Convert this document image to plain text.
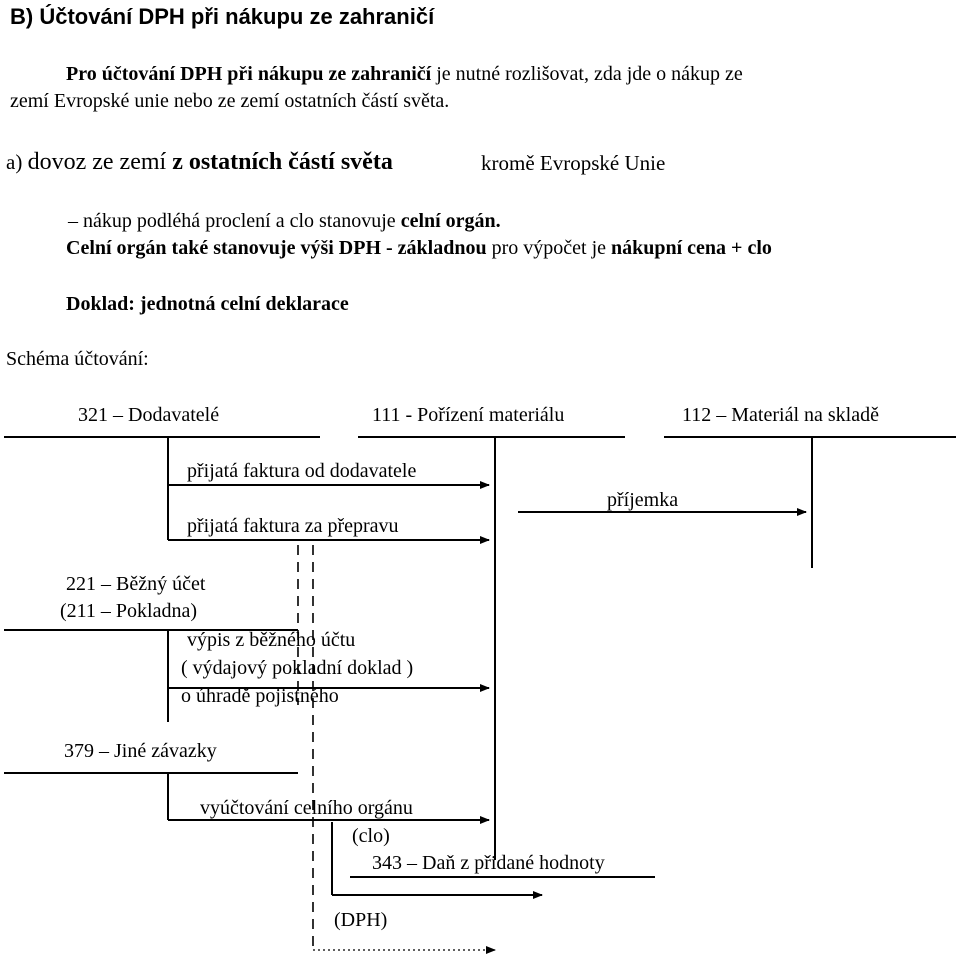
B) Účtování DPH při nákupu ze zahraničí
Pro účtování DPH při nákupu ze zahraničí je nutné rozlišovat, zda jde o nákup ze
zemí Evropské unie nebo ze zemí ostatních částí světa.
a) dovoz ze zemí z ostatních částí světa	kromě Evropské Unie
– nákup podléhá proclení a clo stanovuje celní orgán.
Celní orgán také stanovuje výši DPH - základnou pro výpočet je nákupní cena + clo
Doklad: jednotná celní deklarace
Schéma účtování:
321 – Dodavatelé	111 - Pořízení materiálu	112 – Materiál na skladě
221 – Běžný účet
(211 – Pokladna)
379 – Jiné závazky
343 – Daň z přidané hodnoty
přijatá faktura od dodavatele
příjemka
přijatá faktura za přepravu
výpis z běžného účtu
( výdajový pokladní doklad )
o úhradě pojistného
vyúčtování celního orgánu
(clo)
(DPH)
